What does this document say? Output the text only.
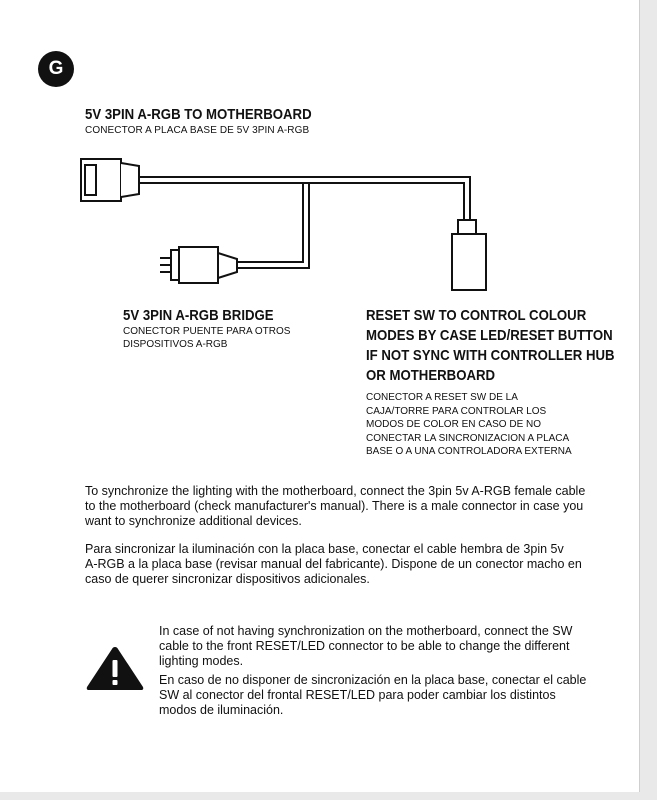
G
5V 3PIN A-RGB TO MOTHERBOARD
CONECTOR A PLACA BASE DE 5V 3PIN A-RGB
5V 3PIN A-RGB BRIDGE
CONECTOR PUENTE PARA OTROS
DISPOSITIVOS A-RGB
RESET SW TO CONTROL COLOUR
MODES BY CASE LED/RESET BUTTON
IF NOT SYNC WITH CONTROLLER HUB
OR MOTHERBOARD
CONECTOR A RESET SW DE LA
CAJA/TORRE PARA CONTROLAR LOS
MODOS DE COLOR EN CASO DE NO
CONECTAR LA SINCRONIZACION A PLACA
BASE O A UNA CONTROLADORA EXTERNA
To synchronize the lighting with the motherboard, connect the 3pin 5v A-RGB female cable
to the motherboard (check manufacturer's manual). There is a male connector in case you
want to synchronize additional devices.
Para sincronizar la iluminación con la placa base, conectar el cable hembra de 3pin 5v
A-RGB a la placa base (revisar manual del fabricante). Dispone de un conector macho en
caso de querer sincronizar dispositivos adicionales.
In case of not having synchronization on the motherboard, connect the SW
cable to the front RESET/LED connector to be able to change the different
lighting modes.
En caso de no disponer de sincronización en la placa base, conectar el cable
SW al conector del frontal RESET/LED para poder cambiar los distintos
modos de iluminación.
